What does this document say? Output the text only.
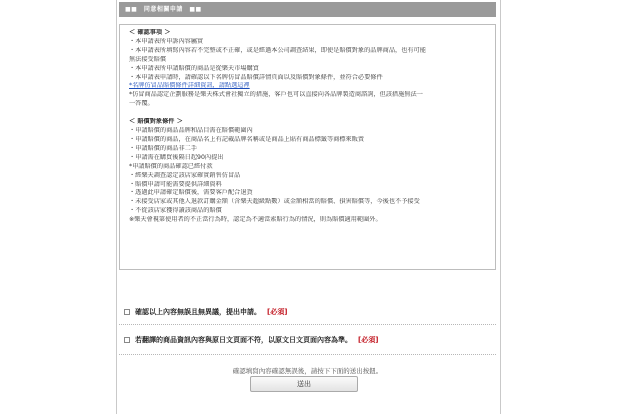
■■　同意相關申請　■■

＜ 確認事項 ＞

・本申請表所申訴內容屬實

・本申請表所填寫內容若不完整或不正確，或是經過本公司調查結果，即使是賠償對象的品牌商品，也有可能

無法接受賠償

・本申請表所申請賠償的商品是從樂天市場購買

・本申請表申請時，請確認以下名牌仿冒品賠償詳情頁面以及賠償對象條件，並符合必要條件

*名牌仿冒品賠償條件詳細資訊，請點選這裡

*仿冒商品認定企劃服務是樂天株式會社獨立的措施，客戶也可以直接向各品牌製造商諮詢，但該措施無法一

一答覆。

＜ 賠償對象條件 ＞

・申請賠償的商品品牌和品目需在賠償範圍內

・申請賠償的商品，在商品名上有記載品牌名稱或是商品上貼有商品標籤等商標來販賣

・申請賠償的商品非二手

・申請需在購買後隔日起90內提出

*申請賠償的商品確認已經付款

・經樂天調查認定該店家確實銷售仿冒品

・賠償申請可能需要提供詳細資料

・透過此申請確定賠償後，需要客戶配合退貨

・未接受店家或其他人退款訂購金額（含樂天超級點數）或金額相當的賠償、損害賠償等，今後也不予接受

・不從該店家獲得讀該商品的賠償

※樂天會視第使用者的不正當行為時，認定為不適當索賠行為的情況，則為賠償適用範圍外。

確認以上內容無誤且無異議，提出申請。 [必須]
若翻譯的商品資訊內容與原日文頁面不符，以原文日文頁面內容為準。 [必須]
確認填寫內容確認無誤後，請按下下面的送出按鈕。
送出
